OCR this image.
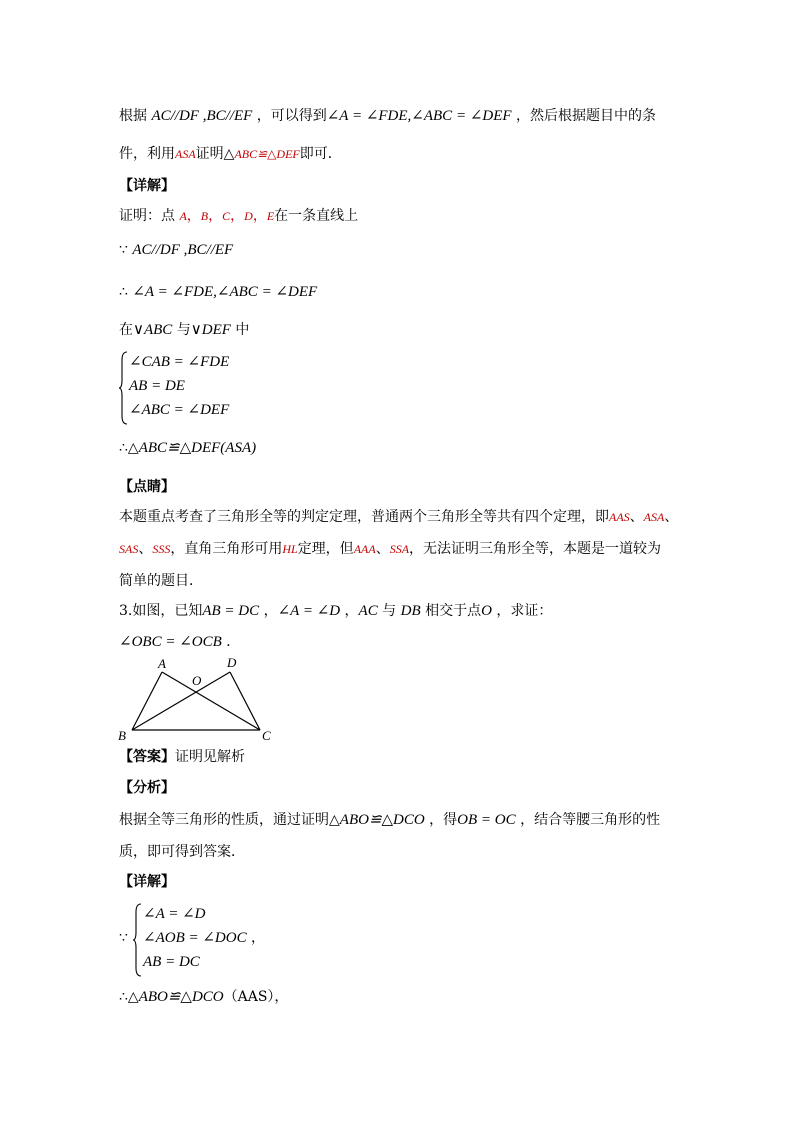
根据 AC//DF ,BC//EF ，可以得到∠A = ∠FDE,∠ABC = ∠DEF ，然后根据题目中的条
件，利用ASA证明△ABC≌△DEF即可．
【详解】
证明：点 A，B，C，D，E在一条直线上
∵ AC//DF ,BC//EF
∴ ∠A = ∠FDE,∠ABC = ∠DEF
在∨ABC 与∨DEF 中
∠CAB = ∠FDE
AB = DE
∠ABC = ∠DEF
∴△ABC≌△DEF(ASA)
【点睛】
本题重点考查了三角形全等的判定定理，普通两个三角形全等共有四个定理，即AAS、ASA、
SAS、SSS，直角三角形可用HL定理，但AAA、SSA，无法证明三角形全等，本题是一道较为
简单的题目．
3.如图，已知AB = DC ，∠A = ∠D ，AC 与 DB 相交于点O ，求证：
∠OBC = ∠OCB ．
A	D
O
B	C
【答案】证明见解析
【分析】
根据全等三角形的性质，通过证明△ABO≌△DCO ，得OB = OC ，结合等腰三角形的性
质，即可得到答案．
【详解】
∵
∠A = ∠D
∠AOB = ∠DOC ，
AB = DC
∴△ABO≌△DCO（AAS），
